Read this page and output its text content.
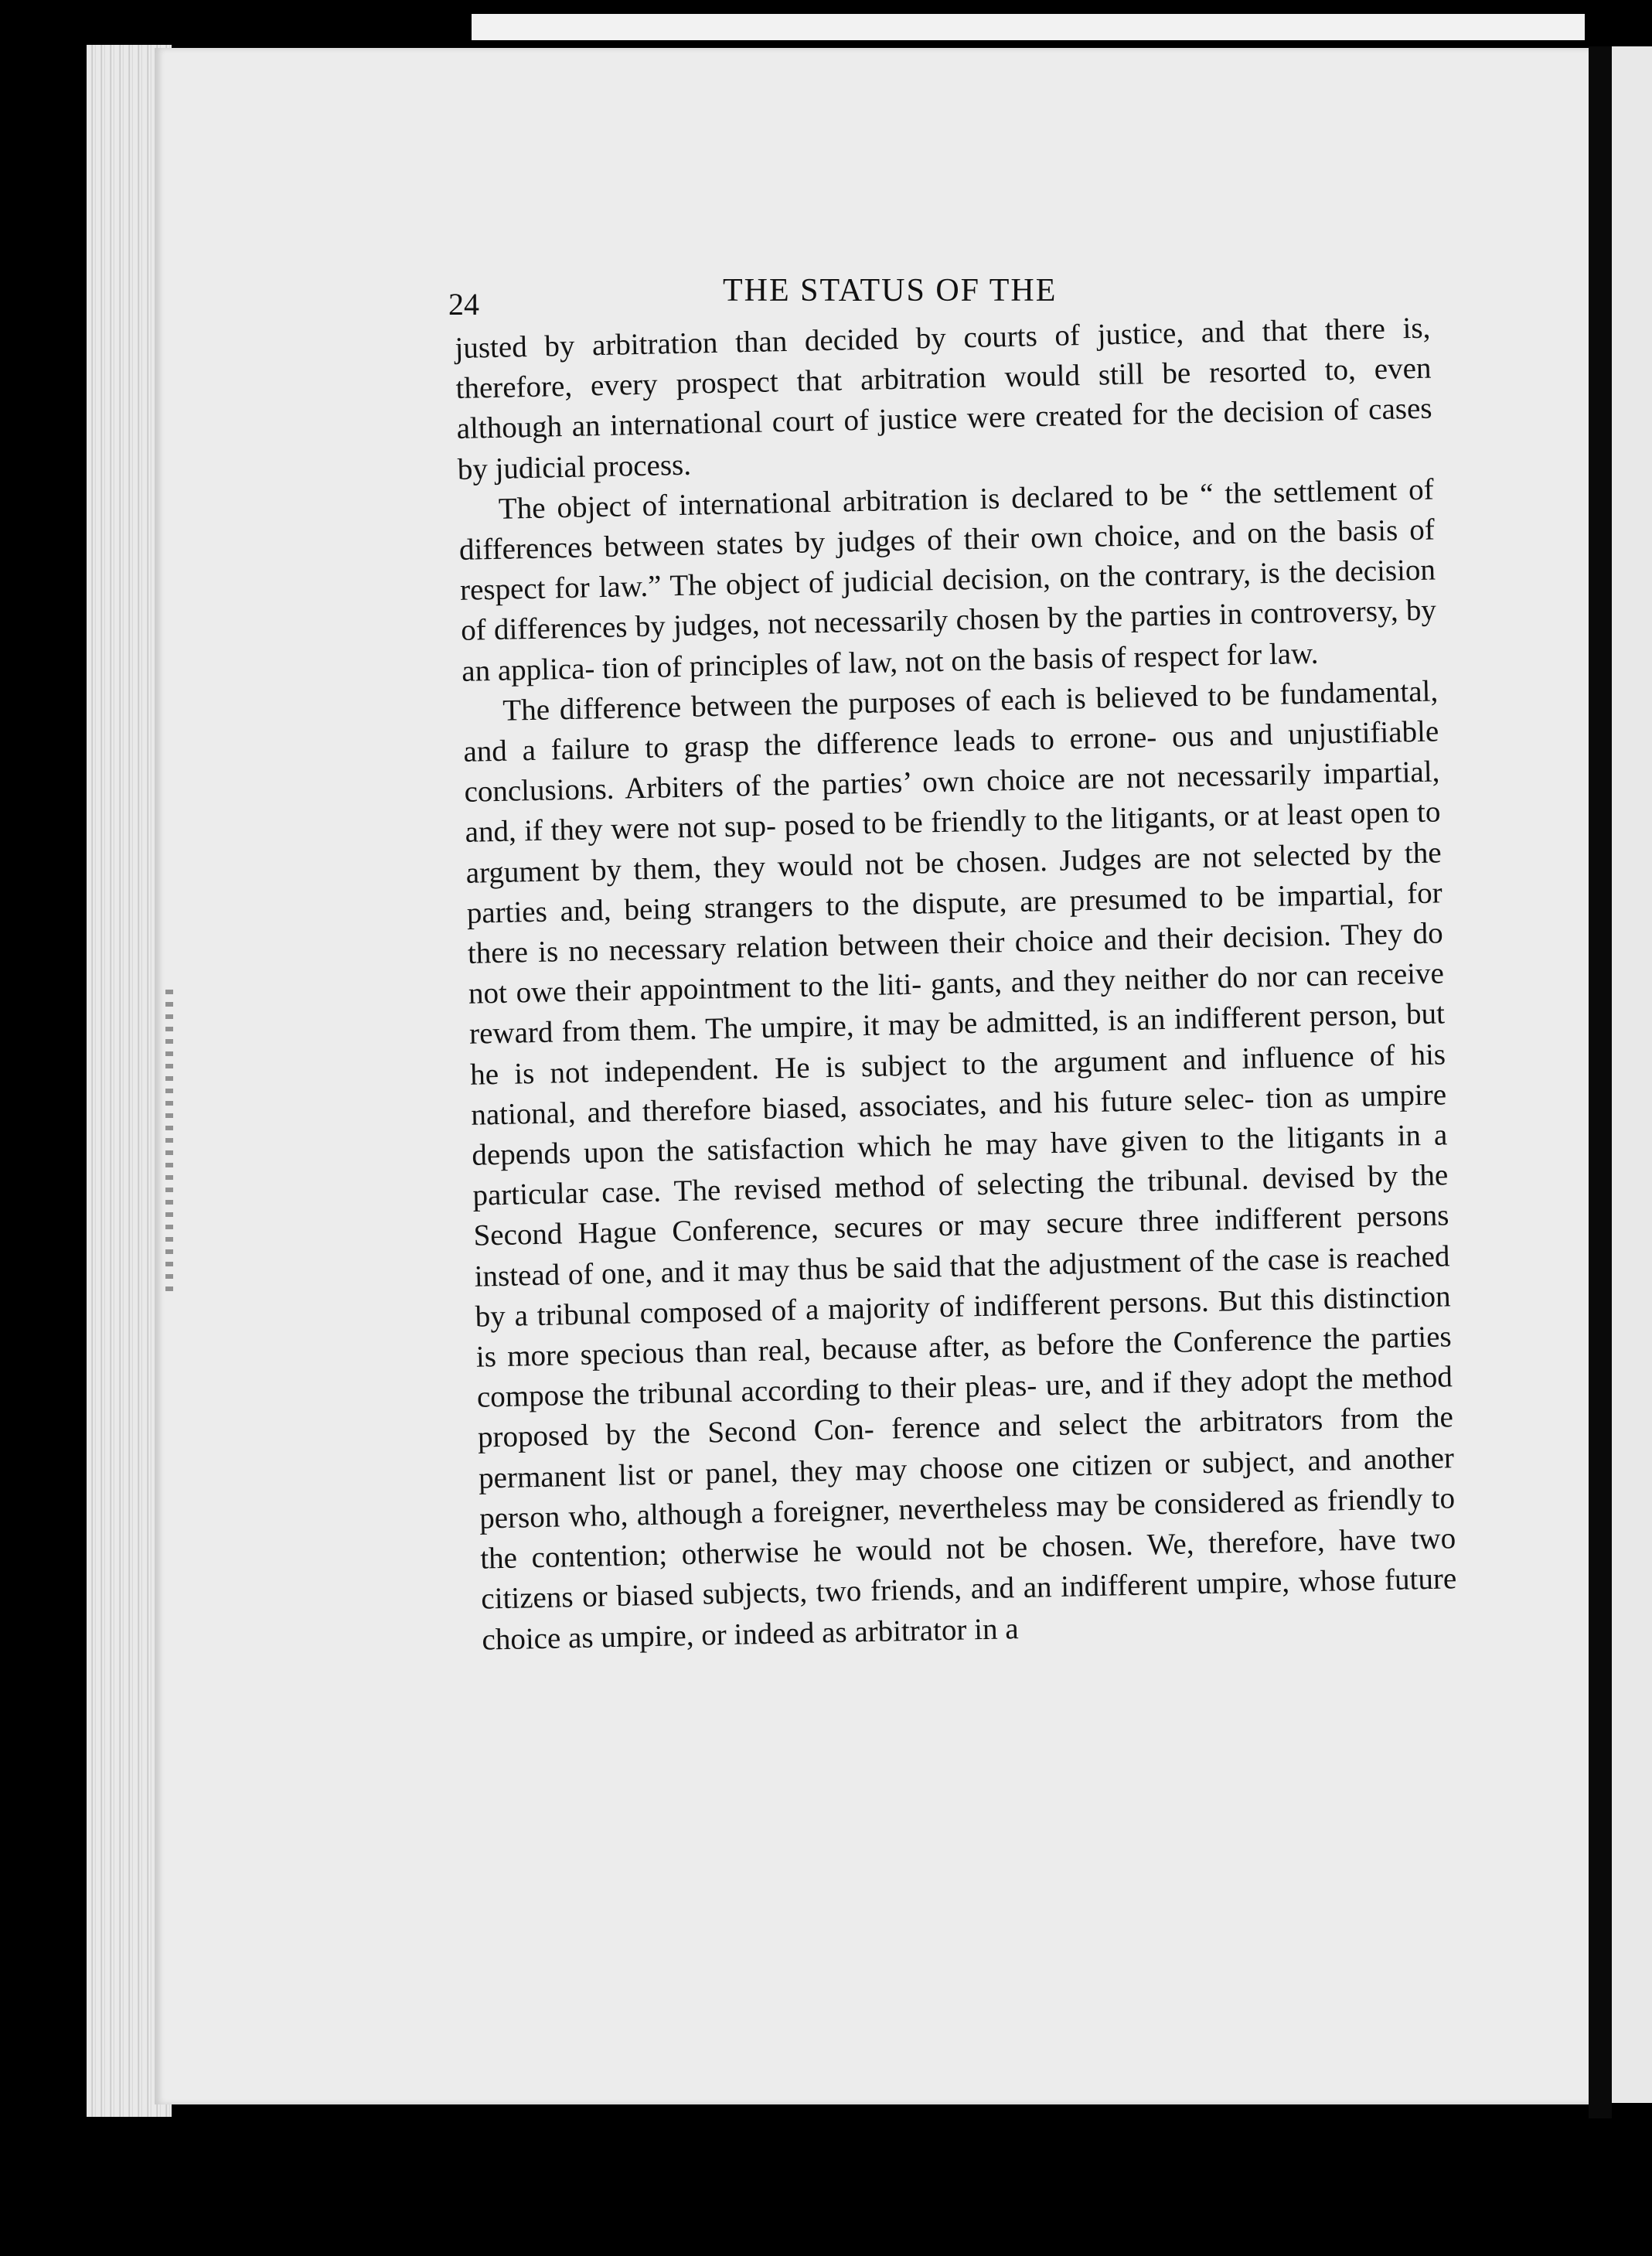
24	THE STATUS OF THE

justed by arbitration than decided by courts of justice, and that there is, therefore, every prospect that arbitration would still be resorted to, even although an international court of justice were created for the decision of cases by judicial process.

The object of international arbitration is declared to be “ the settlement of differences between states by judges of their own choice, and on the basis of respect for law.” The object of judicial decision, on the contrary, is the decision of differences by judges, not necessarily chosen by the parties in controversy, by an applica- tion of principles of law, not on the basis of respect for law.

The difference between the purposes of each is believed to be fundamental, and a failure to grasp the difference leads to errone- ous and unjustifiable conclusions. Arbiters of the parties’ own choice are not necessarily impartial, and, if they were not sup- posed to be friendly to the litigants, or at least open to argument by them, they would not be chosen. Judges are not selected by the parties and, being strangers to the dispute, are presumed to be impartial, for there is no necessary relation between their choice and their decision. They do not owe their appointment to the liti- gants, and they neither do nor can receive reward from them. The umpire, it may be admitted, is an indifferent person, but he is not independent. He is subject to the argument and influence of his national, and therefore biased, associates, and his future selec- tion as umpire depends upon the satisfaction which he may have given to the litigants in a particular case. The revised method of selecting the tribunal. devised by the Second Hague Conference, secures or may secure three indifferent persons instead of one, and it may thus be said that the adjustment of the case is reached by a tribunal composed of a majority of indifferent persons. But this distinction is more specious than real, because after, as before the Conference the parties compose the tribunal according to their pleas- ure, and if they adopt the method proposed by the Second Con- ference and select the arbitrators from the permanent list or panel, they may choose one citizen or subject, and another person who, although a foreigner, nevertheless may be considered as friendly to the contention; otherwise he would not be chosen. We, therefore, have two citizens or biased subjects, two friends, and an indifferent umpire, whose future choice as umpire, or indeed as arbitrator in a
